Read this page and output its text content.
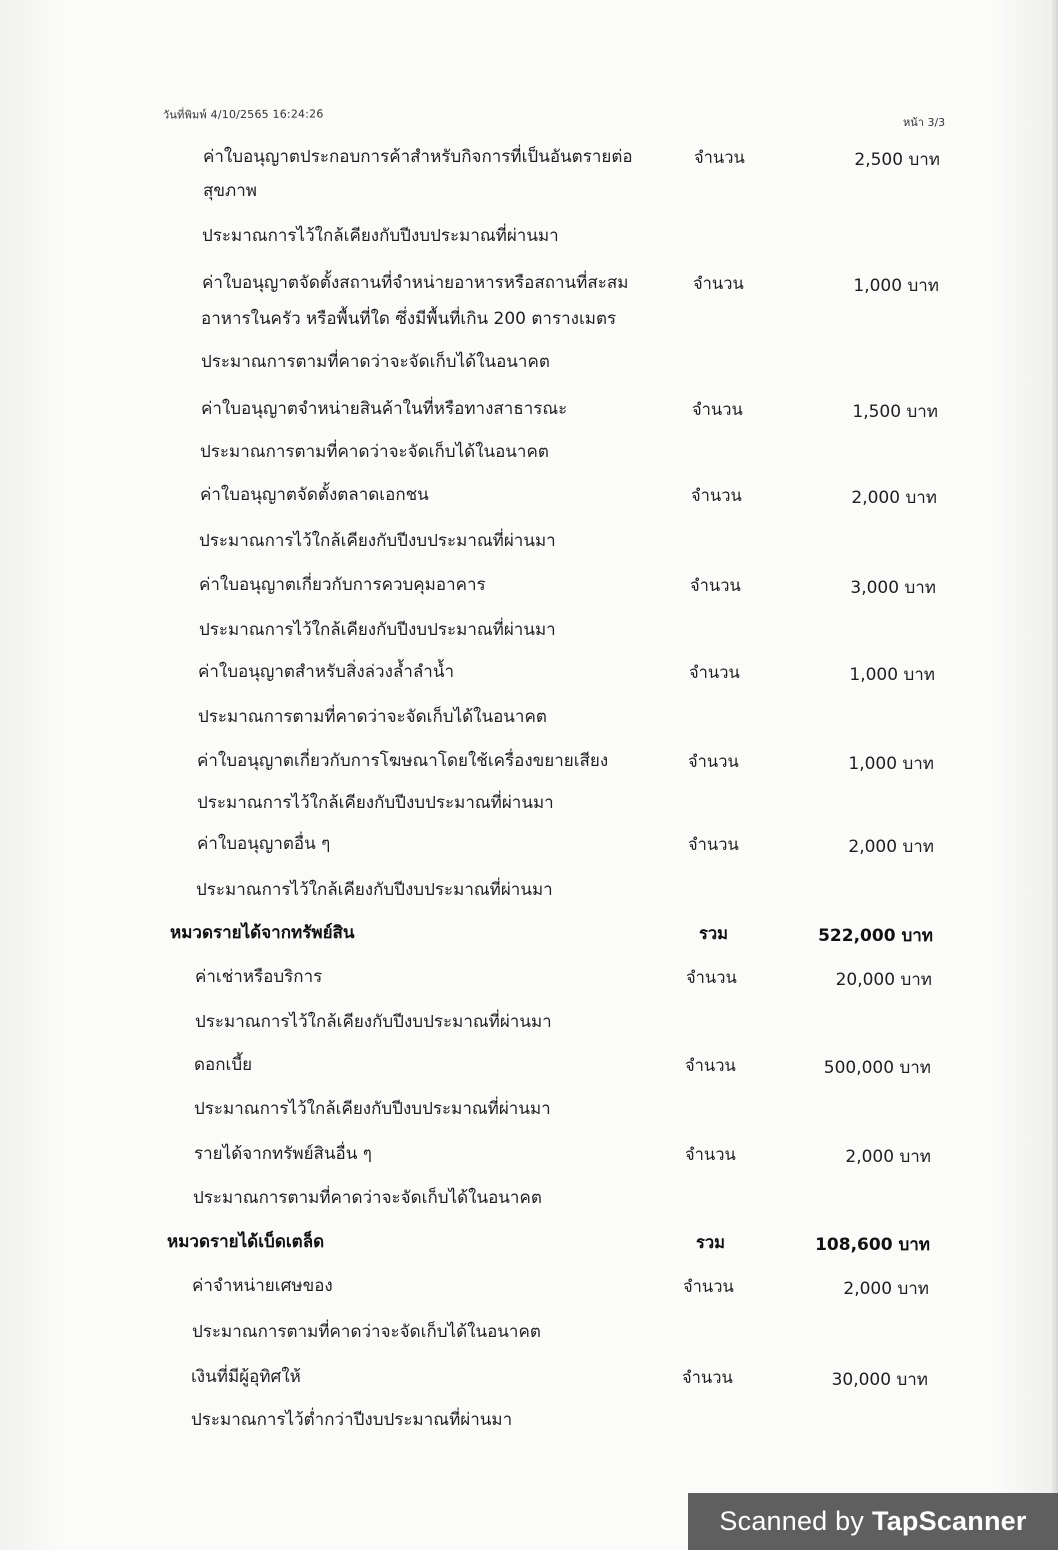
วันที่พิมพ์ 4/10/2565 16:24:26
หน้า 3/3
ค่าใบอนุญาตประกอบการค้าสำหรับกิจการที่เป็นอันตรายต่อ	จำนวน	2,500 บาท
สุขภาพ
ประมาณการไว้ใกล้เคียงกับปีงบประมาณที่ผ่านมา
ค่าใบอนุญาตจัดตั้งสถานที่จำหน่ายอาหารหรือสถานที่สะสม	จำนวน	1,000 บาท
อาหารในครัว หรือพื้นที่ใด ซึ่งมีพื้นที่เกิน 200 ตารางเมตร
ประมาณการตามที่คาดว่าจะจัดเก็บได้ในอนาคต
ค่าใบอนุญาตจำหน่ายสินค้าในที่หรือทางสาธารณะ	จำนวน	1,500 บาท
ประมาณการตามที่คาดว่าจะจัดเก็บได้ในอนาคต
ค่าใบอนุญาตจัดตั้งตลาดเอกชน	จำนวน	2,000 บาท
ประมาณการไว้ใกล้เคียงกับปีงบประมาณที่ผ่านมา
ค่าใบอนุญาตเกี่ยวกับการควบคุมอาคาร	จำนวน	3,000 บาท
ประมาณการไว้ใกล้เคียงกับปีงบประมาณที่ผ่านมา
ค่าใบอนุญาตสำหรับสิ่งล่วงล้ำลำน้ำ	จำนวน	1,000 บาท
ประมาณการตามที่คาดว่าจะจัดเก็บได้ในอนาคต
ค่าใบอนุญาตเกี่ยวกับการโฆษณาโดยใช้เครื่องขยายเสียง	จำนวน	1,000 บาท
ประมาณการไว้ใกล้เคียงกับปีงบประมาณที่ผ่านมา
ค่าใบอนุญาตอื่น ๆ	จำนวน	2,000 บาท
ประมาณการไว้ใกล้เคียงกับปีงบประมาณที่ผ่านมา
หมวดรายได้จากทรัพย์สิน	รวม	522,000 บาท
ค่าเช่าหรือบริการ	จำนวน	20,000 บาท
ประมาณการไว้ใกล้เคียงกับปีงบประมาณที่ผ่านมา
ดอกเบี้ย	จำนวน	500,000 บาท
ประมาณการไว้ใกล้เคียงกับปีงบประมาณที่ผ่านมา
รายได้จากทรัพย์สินอื่น ๆ	จำนวน	2,000 บาท
ประมาณการตามที่คาดว่าจะจัดเก็บได้ในอนาคต
หมวดรายได้เบ็ดเตล็ด	รวม	108,600 บาท
ค่าจำหน่ายเศษของ	จำนวน	2,000 บาท
ประมาณการตามที่คาดว่าจะจัดเก็บได้ในอนาคต
เงินที่มีผู้อุทิศให้	จำนวน	30,000 บาท
ประมาณการไว้ต่ำกว่าปีงบประมาณที่ผ่านมา
Scanned by TapScanner
